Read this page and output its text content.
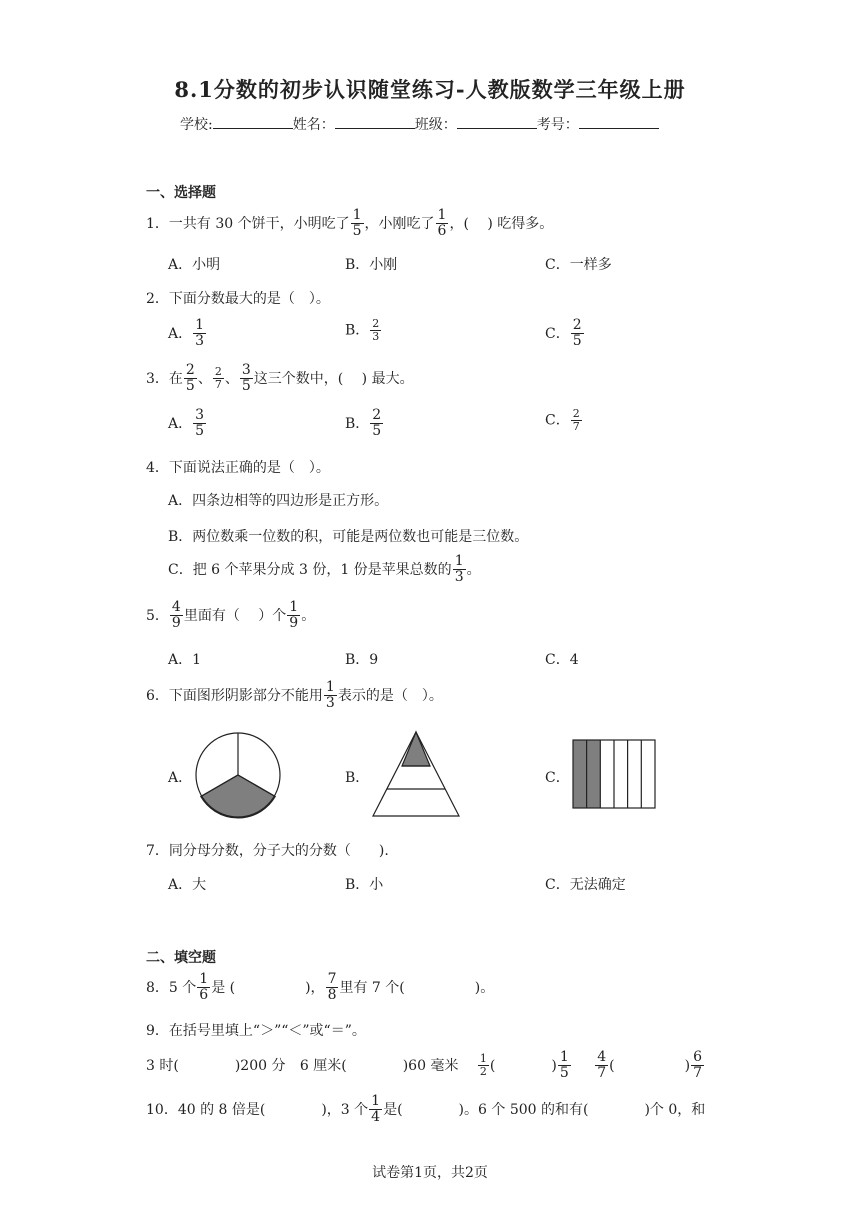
8.1分数的初步认识随堂练习-人教版数学三年级上册
学校:	姓名：	班级：	考号：
一、选择题
1．一共有 30 个饼干，小明吃了 $\frac{1}{5}$ ，小刚吃了 $\frac{1}{6}$ ，(　 ) 吃得多。
A．小明	B．小刚	C．一样多
2．下面分数最大的是（　）。
A． $\frac{1}{3}$	B． $\frac{2}{3}$	C． $\frac{2}{5}$
3．在 $\frac{2}{5}$ 、 $\frac{2}{7}$ 、 $\frac{3}{5}$ 这三个数中，(　 ) 最大。
A． $\frac{3}{5}$	B． $\frac{2}{5}$	C． $\frac{2}{7}$
4．下面说法正确的是（　）。
A．四条边相等的四边形是正方形。
B．两位数乘一位数的积，可能是两位数也可能是三位数。
C．把 6 个苹果分成 3 份，1 份是苹果总数的 $\frac{1}{3}$ 。
5． $\frac{4}{9}$ 里面有（　 ）个 $\frac{1}{9}$ 。
A．1	B．9	C．4
6．下面图形阴影部分不能用 $\frac{1}{3}$ 表示的是（　）。
A．	B．	C．
7．同分母分数，分子大的分数（　　).
A．大	B．小	C．无法确定
二、填空题
8．5 个 $\frac{1}{6}$ 是 (　　　　　)， $\frac{7}{8}$ 里有 7 个(　　　　　)。
9．在括号里填上“＞”“＜”或“＝”。
3 时(　　　　)200 分 6 厘米(　　　　)60 毫米 $\frac{1}{2}$ (　　　　) $\frac{1}{5}$
$\frac{4}{7}$ (　　　　　) $\frac{6}{7}$
10．40 的 8 倍是(　　　　)，3 个 $\frac{1}{4}$ 是(　　　　)。6 个 500 的和有(　　　　)个 0，和
试卷第1页，共2页
